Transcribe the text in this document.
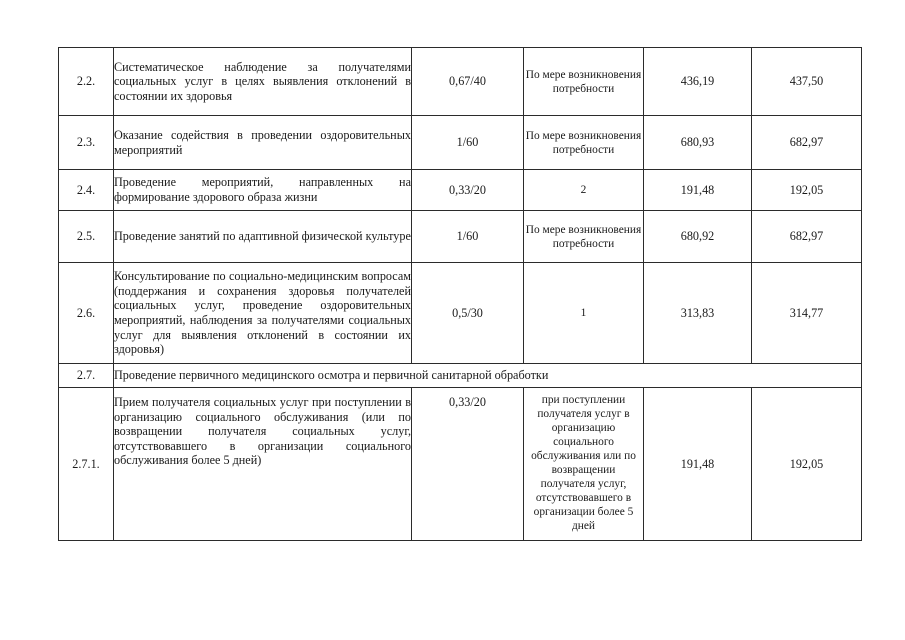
2.2.	Систематическое наблюдение за получателями социальных услуг в целях выявления отклонений в состоянии их здоровья	0,67/40	По мере возникновения потребности	436,19	437,50
2.3.	Оказание содействия в проведении оздоровительных мероприятий	1/60	По мере возникновения потребности	680,93	682,97
2.4.	Проведение мероприятий, направленных на формирование здорового образа жизни	0,33/20	2	191,48	192,05
2.5.	Проведение занятий по адаптивной физической культуре	1/60	По мере возникновения потребности	680,92	682,97
2.6.	Консультирование по социально-медицинским вопросам (поддержания и сохранения здоровья получателей социальных услуг, проведение оздоровительных мероприятий, наблюдения за получателями социальных услуг для выявления отклонений в состоянии их здоровья)	0,5/30	1	313,83	314,77
2.7.	Проведение первичного медицинского осмотра и первичной санитарной обработки				
2.7.1.	Прием получателя социальных услуг при поступлении в организацию социального обслуживания (или по возвращении получателя социальных услуг, отсутствовавшего в организации социального обслуживания более 5 дней)	0,33/20	при поступлении получателя услуг в организацию социального обслуживания или по возвращении получателя услуг, отсутствовавшего в организации более 5 дней	191,48	192,05
